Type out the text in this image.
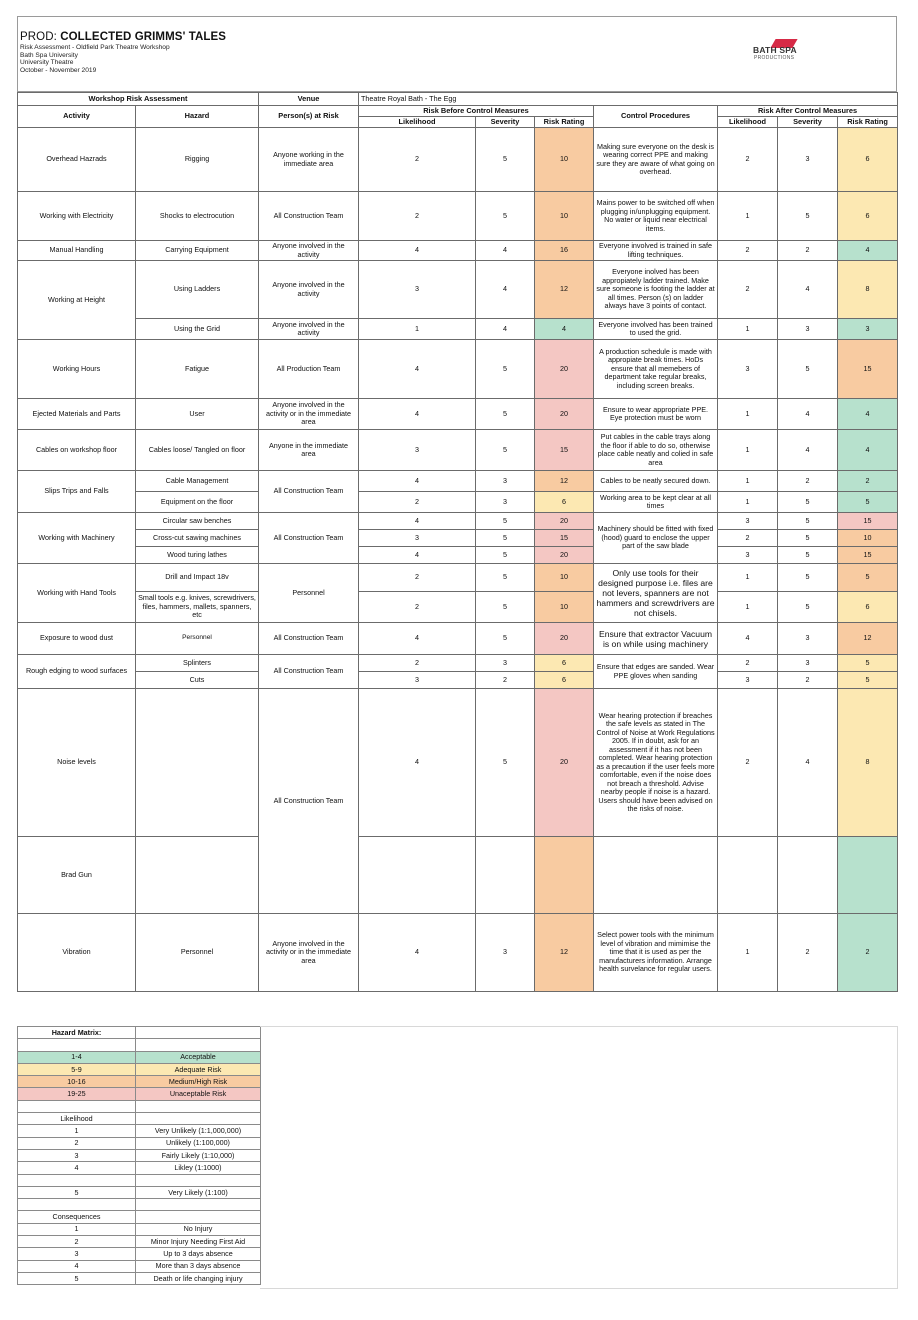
PROD: COLLECTED GRIMMS' TALES
Risk Assessment - Oldfield Park Theatre Workshop
Bath Spa University
University Theatre
October - November 2019
BATH SPA
PRODUCTIONS
Workshop Risk Assessment		Venue	Theatre Royal Bath - The Egg						
Activity	Hazard	Person(s) at Risk	Risk Before Control Measures			Control Procedures	Risk After Control Measures		
			Likelihood	Severity	Risk Rating		Likelihood	Severity	Risk Rating
Overhead Hazrads	Rigging	Anyone working in the immediate area	2	5	10	Making sure everyone on the desk is wearing correct PPE and making sure they are aware of what going on overhead.	2	3	6
Working with Electricity	Shocks to electrocution	All Construction Team	2	5	10	Mains power to be switched off when plugging in/unplugging equipment. No water or liquid near electrical items.	1	5	6
Manual Handling	Carrying Equipment	Anyone involved in the activity	4	4	16	Everyone involved is trained in safe lifting techniques.	2	2	4
Working at Height	Using Ladders	Anyone involved in the activity	3	4	12	Everyone inolved has been appropiately ladder trained. Make sure someone is footing the ladder at all times. Person (s) on ladder always have 3 points of contact.	2	4	8
	Using the Grid	Anyone involved in the activity	1	4	4	Everyone involved has been trained to used the grid.	1	3	3
Working Hours	Fatigue	All Production Team	4	5	20	A production schedule is made with appropiate break times. HoDs ensure that all memebers of department take regular breaks, including screen breaks.	3	5	15
Ejected Materials and Parts	User	Anyone involved in the activity or in the immediate area	4	5	20	Ensure to wear appropriate PPE. Eye protection must be worn	1	4	4
Cables on workshop floor	Cables loose/ Tangled on floor	Anyone in the immediate area	3	5	15	Put cables in the cable trays along the floor if able to do so, otherwise place cable neatly and colied in safe area	1	4	4
Slips Trips and Falls	Cable Management	All Construction Team	4	3	12	Cables to be neatly secured down.	1	2	2
	Equipment on the floor		2	3	6	Working area to be kept clear at all times	1	5	5
Working with Machinery	Circular saw benches	All Construction Team	4	5	20	Machinery should be fitted with fixed (hood) guard to enclose the upper part of the saw blade	3	5	15
	Cross-cut sawing machines		3	5	15		2	5	10
	Wood turing lathes		4	5	20		3	5	15
Working with Hand Tools	Drill and Impact 18v	Personnel	2	5	10	Only use tools for their designed purpose i.e. files are not levers, spanners are not hammers and screwdrivers are not chisels.	1	5	5
	Small tools e.g. knives, screwdrivers, files, hammers, mallets, spanners, etc		2	5	10		1	5	6
Exposure to wood dust	Personnel	All Construction Team	4	5	20	Ensure that extractor Vacuum is on while using machinery	4	3	12
Rough edging to wood surfaces	Splinters	All Construction Team	2	3	6	Ensure that edges are sanded. Wear PPE gloves when sanding	2	3	5
	Cuts		3	2	6		3	2	5
Noise levels		All Construction Team	4	5	20	Wear hearing protection if breaches the safe levels as stated in The Control of Noise at Work Regulations 2005. If in doubt, ask for an assessment if it has not been completed. Wear hearing protection as a precaution if the user feels more comfortable, even if the noise does not breach a threshold. Advise nearby people if noise is a hazard. Users should have been advised on the risks of noise.	2	4	8
Brad Gun									
Vibration	Personnel	Anyone involved in the activity or in the immediate area	4	3	12	Select power tools with the minimum level of vibration and mimimise the time that it is used as per the manufacturers information. Arrange health survelance for regular users.	1	2	2
Hazard Matrix:	

1-4	Acceptable
5-9	Adequate Risk
10-16	Medium/High Risk
19-25	Unaceptable Risk

Likelihood	
1	Very Unlikely (1:1,000,000)
2	Unlikely (1:100,000)
3	Fairly Likely (1:10,000)
4	Likley (1:1000)

5	Very Likely (1:100)

Consequences	
1	No Injury
2	Minor Injury Needing First Aid
3	Up to 3 days absence
4	More than 3 days absence
5	Death or life changing injury
